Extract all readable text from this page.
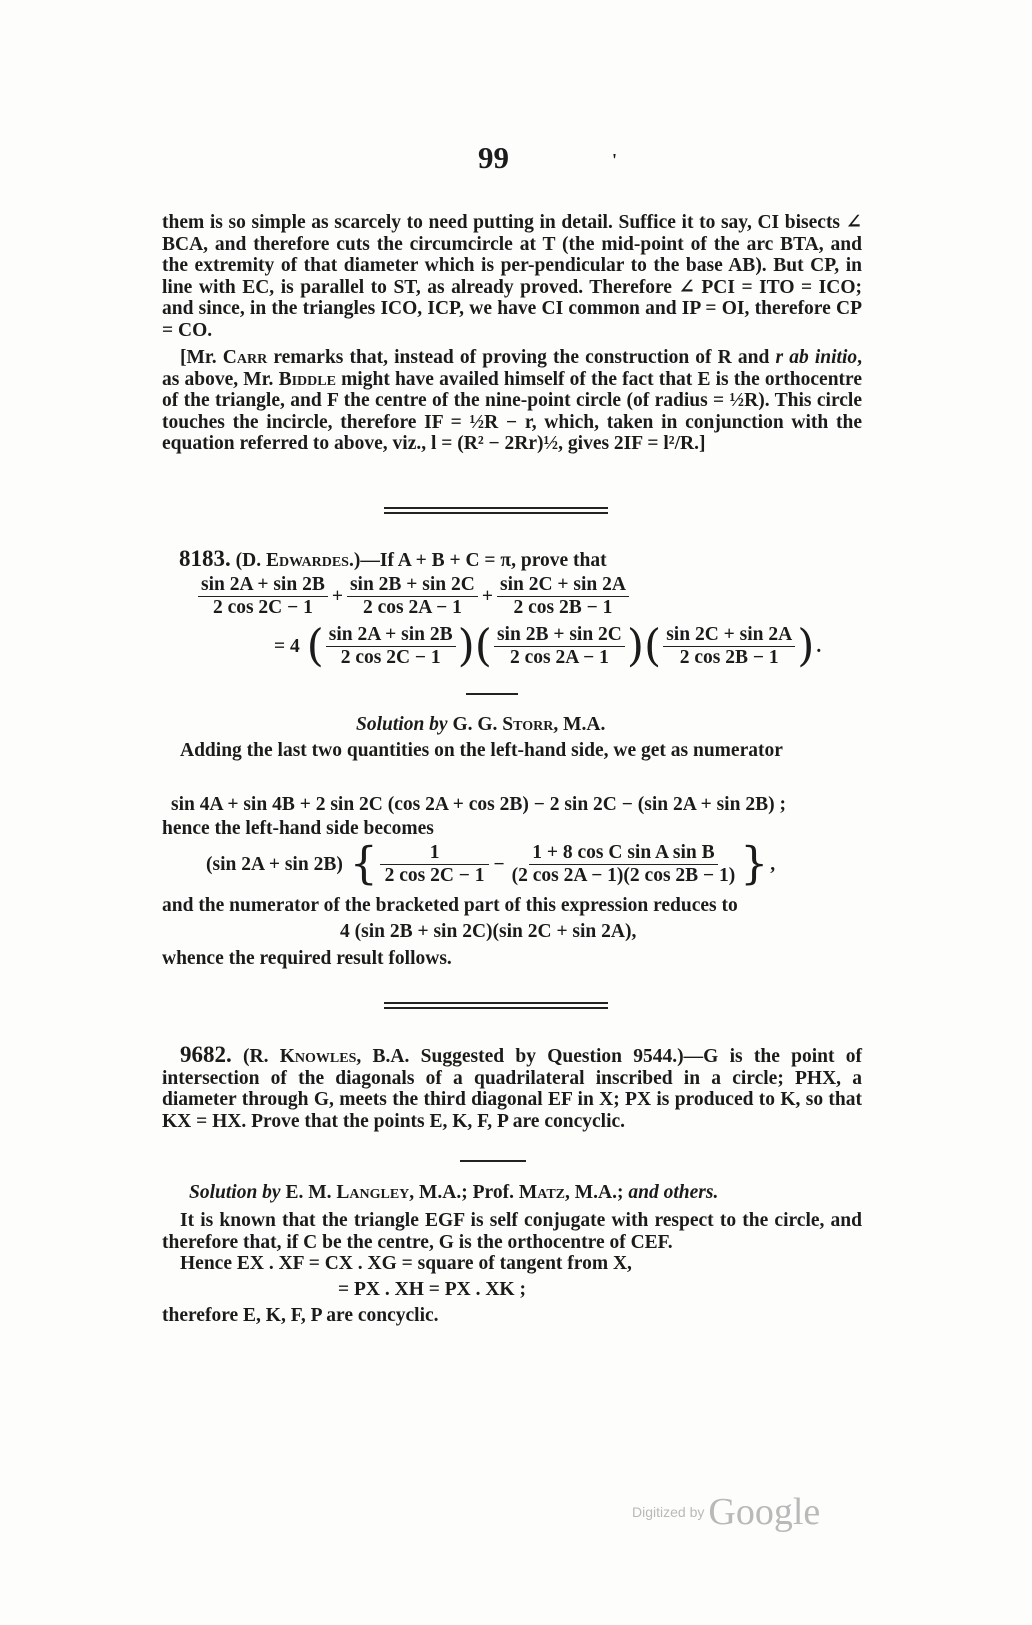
99	'

them is so simple as scarcely to need putting in detail. Suffice it to say, CI bisects ∠ BCA, and therefore cuts the circumcircle at T (the mid-point of the arc BTA, and the extremity of that diameter which is per-pendicular to the base AB). But CP, in line with EC, is parallel to ST, as already proved. Therefore ∠ PCI = ITO = ICO; and since, in the triangles ICO, ICP, we have CI common and IP = OI, therefore CP = CO.

[Mr. Carr remarks that, instead of proving the construction of R and r ab initio, as above, Mr. Biddle might have availed himself of the fact that E is the orthocentre of the triangle, and F the centre of the nine-point circle (of radius = ½R). This circle touches the incircle, therefore IF = ½R − r, which, taken in conjunction with the equation referred to above, viz., l = (R² − 2Rr)½, gives 2IF = l²/R.]

8183. (D. Edwardes.)—If A + B + C = π, prove that
$\frac{\sin 2A + \sin 2B}{2 \cos 2C - 1} + \frac{\sin 2B + \sin 2C}{2 \cos 2A - 1} + \frac{\sin 2C + \sin 2A}{2 \cos 2B - 1}$
= 4 ( $\frac{\sin 2A + \sin 2B}{2 \cos 2C - 1}$ )( $\frac{\sin 2B + \sin 2C}{2 \cos 2A - 1}$ )( $\frac{\sin 2C + \sin 2A}{2 \cos 2B - 1}$ ) .
Solution by G. G. Storr, M.A.

Adding the last two quantities on the left-hand side, we get as numerator

sin 4A + sin 4B + 2 sin 2C (cos 2A + cos 2B) − 2 sin 2C − (sin 2A + sin 2B) ;
hence the left-hand side becomes
(sin 2A + sin 2B) { $\frac{1}{2 \cos 2C - 1} - \frac{\text{1 + 8 cos C sin A sin B}}{(2 \cos 2A - 1)(2 \cos 2B - 1)}$ } ,
and the numerator of the bracketed part of this expression reduces to
4 (sin 2B + sin 2C)(sin 2C + sin 2A),
whence the required result follows.

9682. (R. Knowles, B.A. Suggested by Question 9544.)—G is the point of intersection of the diagonals of a quadrilateral inscribed in a circle; PHX, a diameter through G, meets the third diagonal EF in X; PX is produced to K, so that KX = HX. Prove that the points E, K, F, P are concyclic.

Solution by E. M. Langley, M.A.; Prof. Matz, M.A.; and others.

It is known that the triangle EGF is self conjugate with respect to the circle, and therefore that, if C be the centre, G is the orthocentre of CEF.

Hence EX . XF = CX . XG = square of tangent from X,
= PX . XH = PX . XK ;
therefore E, K, F, P are concyclic.
Digitized by Google
